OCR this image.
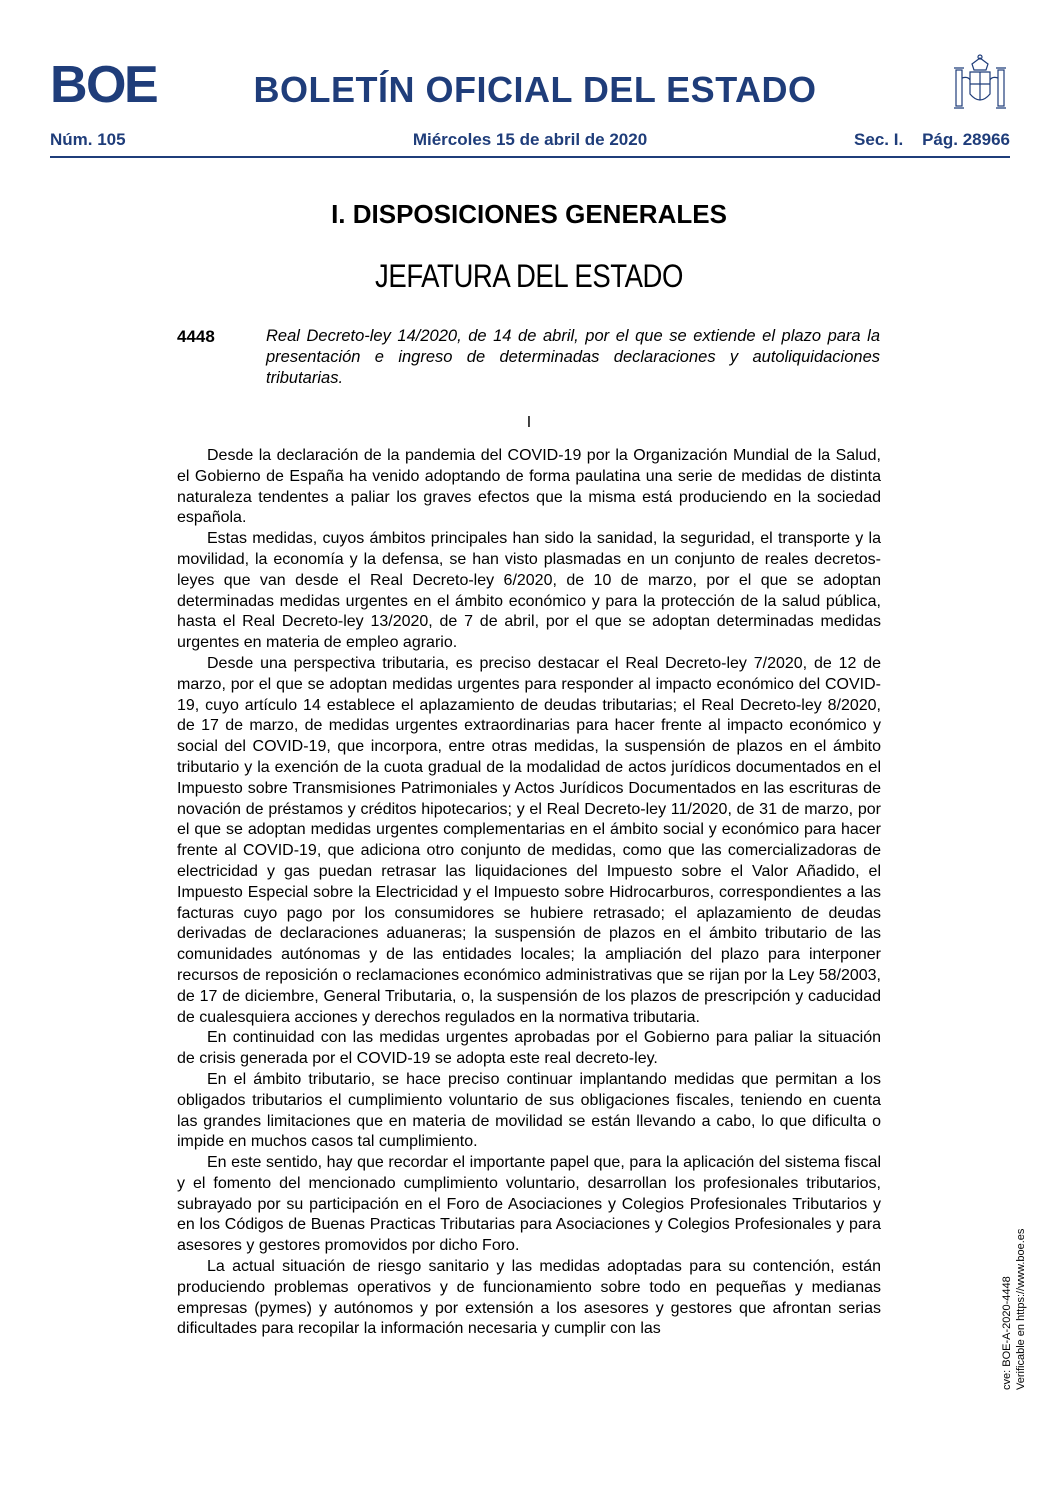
B
O
E	BOLETÍN OFICIAL DEL ESTADO
Núm. 105	Miércoles 15 de abril de 2020	Sec. I. Pág. 28966
I. DISPOSICIONES GENERALES
JEFATURA DEL ESTADO
4448	Real Decreto-ley 14/2020, de 14 de abril, por el que se extiende el plazo para la presentación e ingreso de determinadas declaraciones y autoliquidaciones tributarias.
I

Desde la declaración de la pandemia del COVID-19 por la Organización Mundial de la Salud, el Gobierno de España ha venido adoptando de forma paulatina una serie de medidas de distinta naturaleza tendentes a paliar los graves efectos que la misma está produciendo en la sociedad española.

Estas medidas, cuyos ámbitos principales han sido la sanidad, la seguridad, el transporte y la movilidad, la economía y la defensa, se han visto plasmadas en un conjunto de reales decretos-leyes que van desde el Real Decreto-ley 6/2020, de 10 de marzo, por el que se adoptan determinadas medidas urgentes en el ámbito económico y para la protección de la salud pública, hasta el Real Decreto-ley 13/2020, de 7 de abril, por el que se adoptan determinadas medidas urgentes en materia de empleo agrario.

Desde una perspectiva tributaria, es preciso destacar el Real Decreto-ley 7/2020, de 12 de marzo, por el que se adoptan medidas urgentes para responder al impacto económico del COVID-19, cuyo artículo 14 establece el aplazamiento de deudas tributarias; el Real Decreto-ley 8/2020, de 17 de marzo, de medidas urgentes extraordinarias para hacer frente al impacto económico y social del COVID-19, que incorpora, entre otras medidas, la suspensión de plazos en el ámbito tributario y la exención de la cuota gradual de la modalidad de actos jurídicos documentados en el Impuesto sobre Transmisiones Patrimoniales y Actos Jurídicos Documentados en las escrituras de novación de préstamos y créditos hipotecarios; y el Real Decreto-ley 11/2020, de 31 de marzo, por el que se adoptan medidas urgentes complementarias en el ámbito social y económico para hacer frente al COVID-19, que adiciona otro conjunto de medidas, como que las comercializadoras de electricidad y gas puedan retrasar las liquidaciones del Impuesto sobre el Valor Añadido, el Impuesto Especial sobre la Electricidad y el Impuesto sobre Hidrocarburos, correspondientes a las facturas cuyo pago por los consumidores se hubiere retrasado; el aplazamiento de deudas derivadas de declaraciones aduaneras; la suspensión de plazos en el ámbito tributario de las comunidades autónomas y de las entidades locales; la ampliación del plazo para interponer recursos de reposición o reclamaciones económico administrativas que se rijan por la Ley 58/2003, de 17 de diciembre, General Tributaria, o, la suspensión de los plazos de prescripción y caducidad de cualesquiera acciones y derechos regulados en la normativa tributaria.

En continuidad con las medidas urgentes aprobadas por el Gobierno para paliar la situación de crisis generada por el COVID-19 se adopta este real decreto-ley.

En el ámbito tributario, se hace preciso continuar implantando medidas que permitan a los obligados tributarios el cumplimiento voluntario de sus obligaciones fiscales, teniendo en cuenta las grandes limitaciones que en materia de movilidad se están llevando a cabo, lo que dificulta o impide en muchos casos tal cumplimiento.

En este sentido, hay que recordar el importante papel que, para la aplicación del sistema fiscal y el fomento del mencionado cumplimiento voluntario, desarrollan los profesionales tributarios, subrayado por su participación en el Foro de Asociaciones y Colegios Profesionales Tributarios y en los Códigos de Buenas Practicas Tributarias para Asociaciones y Colegios Profesionales y para asesores y gestores promovidos por dicho Foro.

La actual situación de riesgo sanitario y las medidas adoptadas para su contención, están produciendo problemas operativos y de funcionamiento sobre todo en pequeñas y medianas empresas (pymes) y autónomos y por extensión a los asesores y gestores que afrontan serias dificultades para recopilar la información necesaria y cumplir con las	cve: BOE-A-2020-4448 Verificable en https://www.boe.es
